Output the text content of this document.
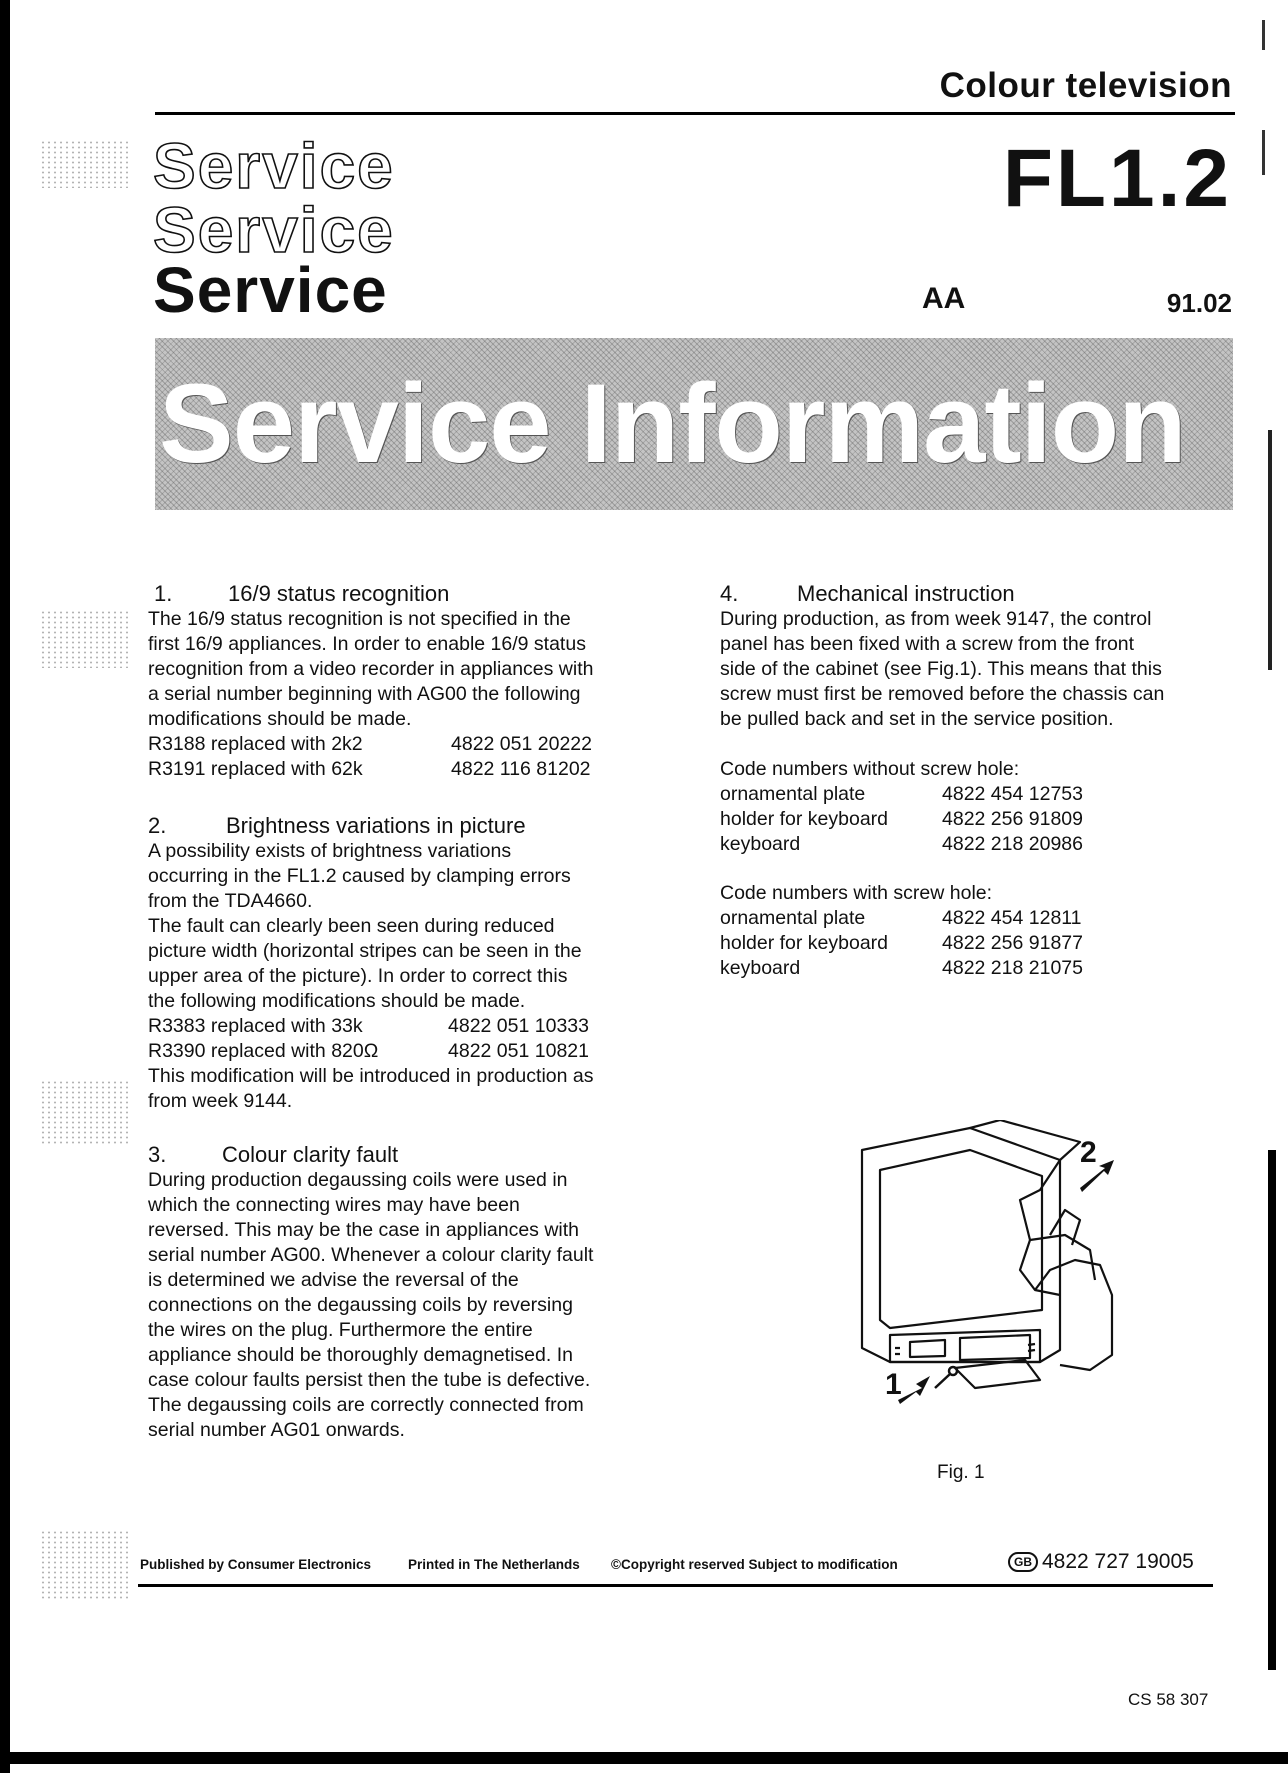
Colour television
FL1.2
AA	91.02
Service
Service
Service
Service Information
1.	16/9 status recognition
The 16/9 status recognition is not specified in the
first 16/9 appliances. In order to enable 16/9 status
recognition from a video recorder in appliances with
a serial number beginning with AG00 the following
modifications should be made.
R3188 replaced with 2k2	4822 051 20222
R3191 replaced with 62k	4822 116 81202
2.	Brightness variations in picture
A possibility exists of brightness variations
occurring in the FL1.2 caused by clamping errors
from the TDA4660.
The fault can clearly been seen during reduced
picture width (horizontal stripes can be seen in the
upper area of the picture). In order to correct this
the following modifications should be made.
R3383 replaced with 33k	4822 051 10333
R3390 replaced with 820Ω	4822 051 10821
This modification will be introduced in production as
from week 9144.
3.	Colour clarity fault
During production degaussing coils were used in
which the connecting wires may have been
reversed. This may be the case in appliances with
serial number AG00. Whenever a colour clarity fault
is determined we advise the reversal of the
connections on the degaussing coils by reversing
the wires on the plug. Furthermore the entire
appliance should be thoroughly demagnetised. In
case colour faults persist then the tube is defective.
The degaussing coils are correctly connected from
serial number AG01 onwards.
4.	Mechanical instruction
During production, as from week 9147, the control
panel has been fixed with a screw from the front
side of the cabinet (see Fig.1). This means that this
screw must first be removed before the chassis can
be pulled back and set in the service position.
Code numbers without screw hole:
ornamental plate	4822 454 12753
holder for keyboard	4822 256 91809
keyboard	4822 218 20986
Code numbers with screw hole:
ornamental plate	4822 454 12811
holder for keyboard	4822 256 91877
keyboard	4822 218 21075
1
2
Fig. 1
Published by Consumer Electronics	Printed in The Netherlands ©Copyright reserved Subject to modification	GB 4822 727 19005
CS 58 307
